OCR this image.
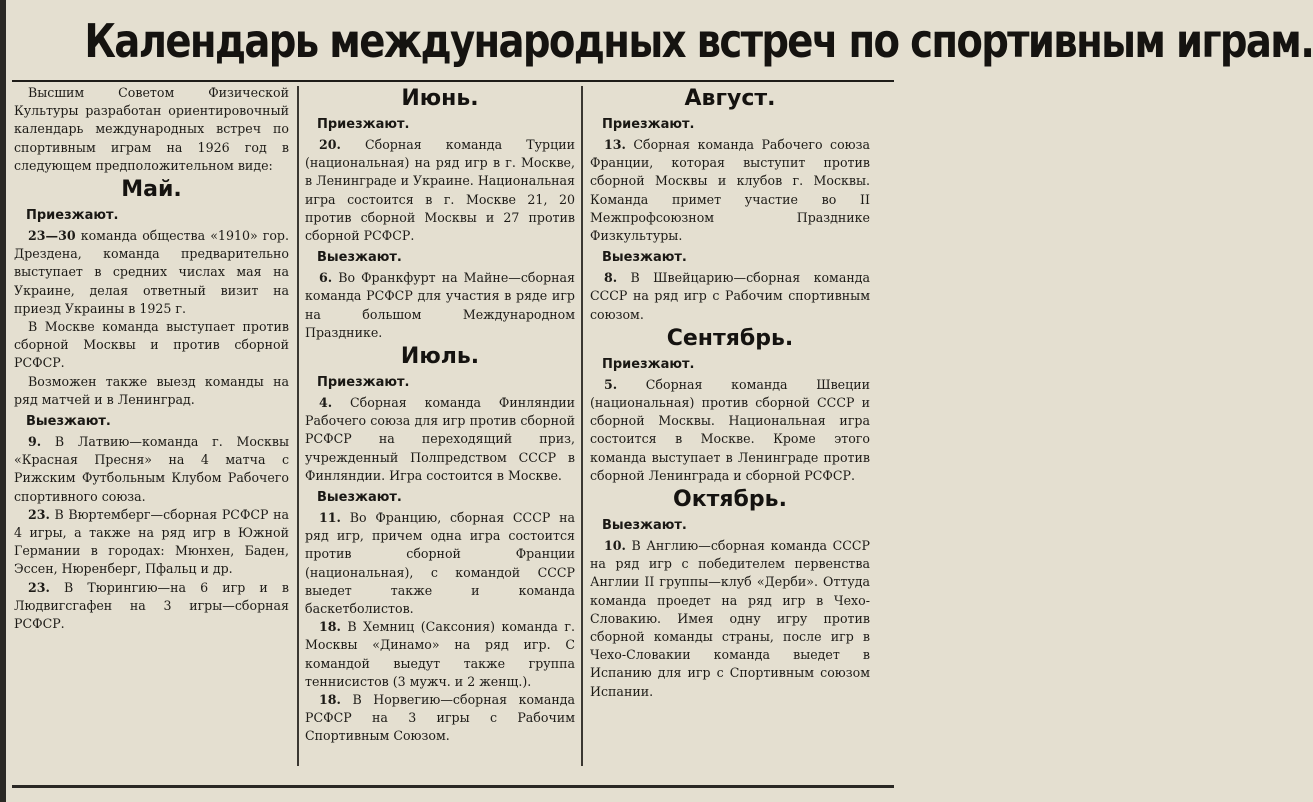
Календарь международных встреч по спортивным играм.

Высшим Советом Физической Культуры разработан ориентировочный календарь международных встреч по спортивным играм на 1926 год в следующем предположительном виде:

Май.
Приезжают.

23—30 команда общества «1910» гор. Дрездена, команда предварительно выступает в средних числах мая на Украине, делая ответный визит на приезд Украины в 1925 г.

В Москве команда выступает против сборной Москвы и против сборной РСФСР.

Возможен также выезд команды на ряд матчей и в Ленинград.

Выезжают.

9. В Латвию—команда г. Москвы «Красная Пресня» на 4 матча с Рижским Футбольным Клубом Рабочего спортивного союза.

23. В Вюртемберг—сборная РСФСР на 4 игры, а также на ряд игр в Южной Германии в городах: Мюнхен, Баден, Эссен, Нюренберг, Пфальц и др.

23. В Тюрингию—на 6 игр и в Людвигсгафен на 3 игры—сборная РСФСР.

Июнь.
Приезжают.

20. Сборная команда Турции (национальная) на ряд игр в г. Москве, в Ленинграде и Украине. Национальная игра состоится в г. Москве 21, 20 против сборной Москвы и 27 против сборной РСФСР.

Выезжают.

6. Во Франкфурт на Майне—сборная команда РСФСР для участия в ряде игр на большом Международном Празднике.

Июль.
Приезжают.

4. Сборная команда Финляндии Рабочего союза для игр против сборной РСФСР на переходящий приз, учрежденный Полпредством СССР в Финляндии. Игра состоится в Москве.

Выезжают.

11. Во Францию, сборная СССР на ряд игр, причем одна игра состоится против сборной Франции (национальная), с командой СССР выедет также и команда баскетболистов.

18. В Хемниц (Саксония) команда г. Москвы «Динамо» на ряд игр. С командой выедут также группа теннисистов (3 мужч. и 2 женщ.).

18. В Норвегию—сборная команда РСФСР на 3 игры с Рабочим Спортивным Союзом.

Август.
Приезжают.

13. Сборная команда Рабочего союза Франции, которая выступит против сборной Москвы и клубов г. Москвы. Команда примет участие во II Межпрофсоюзном Празднике Физкультуры.

Выезжают.

8. В Швейцарию—сборная команда СССР на ряд игр с Рабочим спортивным союзом.

Сентябрь.
Приезжают.

5. Сборная команда Швеции (национальная) против сборной СССР и сборной Москвы. Национальная игра состоится в Москве. Кроме этого команда выступает в Ленинграде против сборной Ленинграда и сборной РСФСР.

Октябрь.
Выезжают.

10. В Англию—сборная команда СССР на ряд игр с победителем первенства Англии II группы—клуб «Дерби». Оттуда команда проедет на ряд игр в Чехо-Словакию. Имея одну игру против сборной команды страны, после игр в Чехо-Словакии команда выедет в Испанию для игр с Спортивным союзом Испании.
